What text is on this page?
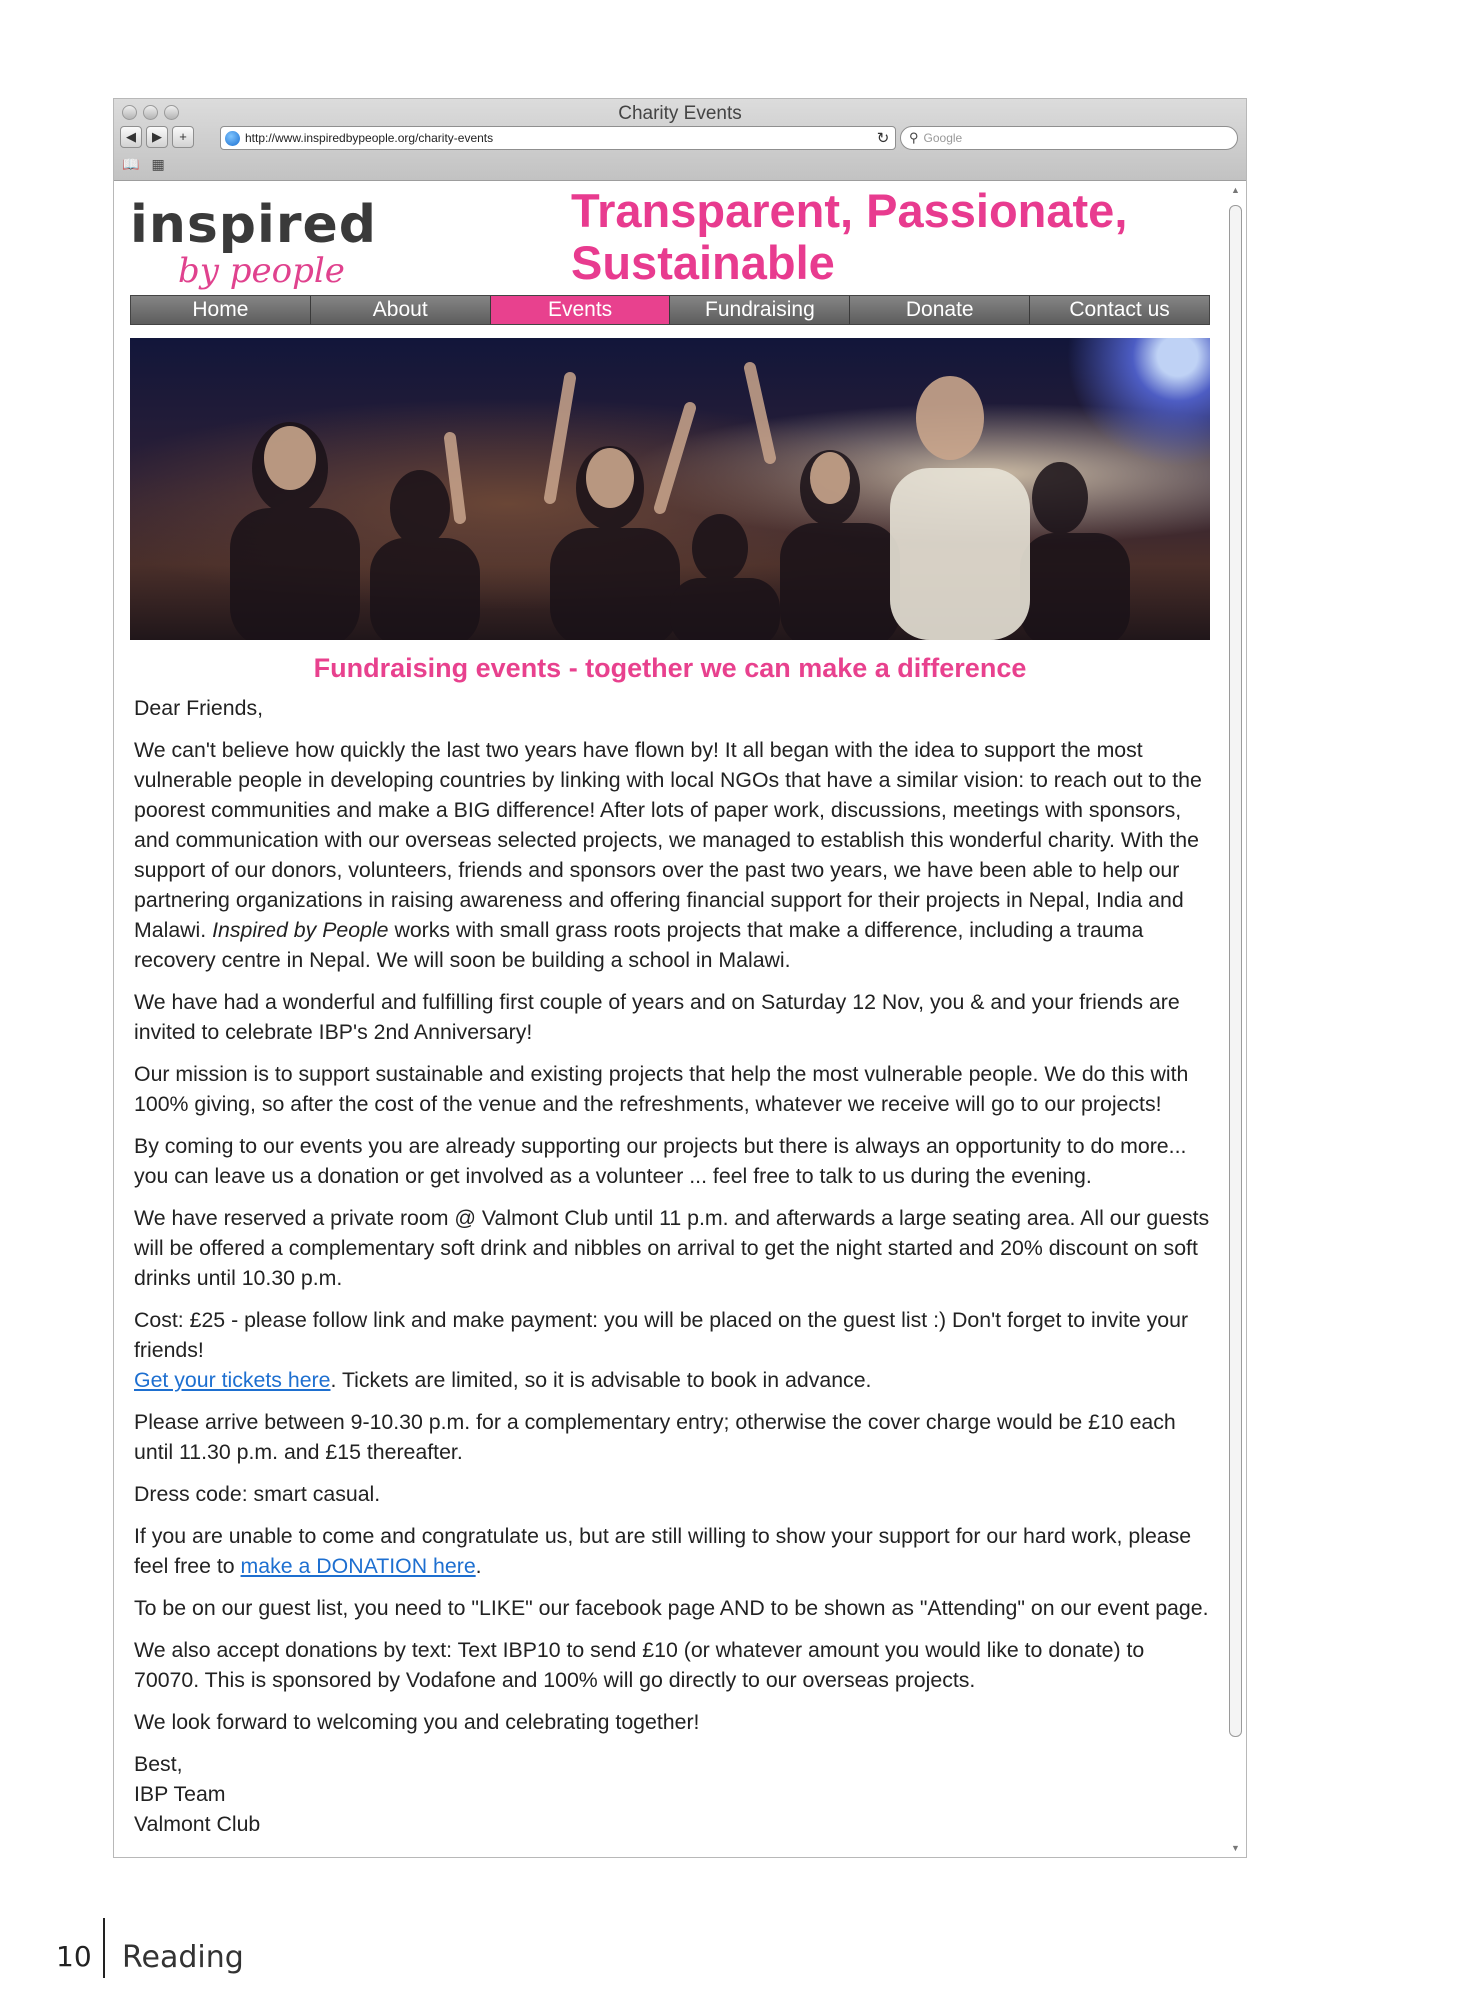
Charity Events
◀	▶	+	http://www.inspiredbypeople.org/charity-events	↻	⚲ Google
📖 ▦
▲
▼
inspired
by people
Transparent, Passionate,
Sustainable
Home	About	Events	Fundraising	Donate	Contact us
Fundraising events - together we can make a difference

Dear Friends,

We can't believe how quickly the last two years have flown by! It all began with the idea to support the most vulnerable people in developing countries by linking with local NGOs that have a similar vision: to reach out to the poorest communities and make a BIG difference! After lots of paper work, discussions, meetings with sponsors, and communication with our overseas selected projects, we managed to establish this wonderful charity. With the support of our donors, volunteers, friends and sponsors over the past two years, we have been able to help our partnering organizations in raising awareness and offering financial support for their projects in Nepal, India and Malawi. Inspired by People works with small grass roots projects that make a difference, including a trauma recovery centre in Nepal. We will soon be building a school in Malawi.

We have had a wonderful and fulfilling first couple of years and on Saturday 12 Nov, you & and your friends are invited to celebrate IBP's 2nd Anniversary!

Our mission is to support sustainable and existing projects that help the most vulnerable people. We do this with 100% giving, so after the cost of the venue and the refreshments, whatever we receive will go to our projects!

By coming to our events you are already supporting our projects but there is always an opportunity to do more... you can leave us a donation or get involved as a volunteer ... feel free to talk to us during the evening.

We have reserved a private room @ Valmont Club until 11 p.m. and afterwards a large seating area. All our guests will be offered a complementary soft drink and nibbles on arrival to get the night started and 20% discount on soft drinks until 10.30 p.m.

Cost: £25 - please follow link and make payment: you will be placed on the guest list :) Don't forget to invite your friends!

Get your tickets here. Tickets are limited, so it is advisable to book in advance.

Please arrive between 9-10.30 p.m. for a complementary entry; otherwise the cover charge would be £10 each until 11.30 p.m. and £15 thereafter.

Dress code: smart casual.

If you are unable to come and congratulate us, but are still willing to show your support for our hard work, please feel free to make a DONATION here.

To be on our guest list, you need to "LIKE" our facebook page AND to be shown as "Attending" on our event page.

We also accept donations by text: Text IBP10 to send £10 (or whatever amount you would like to donate) to 70070. This is sponsored by Vodafone and 100% will go directly to our overseas projects.

We look forward to welcoming you and celebrating together!

Best,

IBP Team

Valmont Club

10 Reading
